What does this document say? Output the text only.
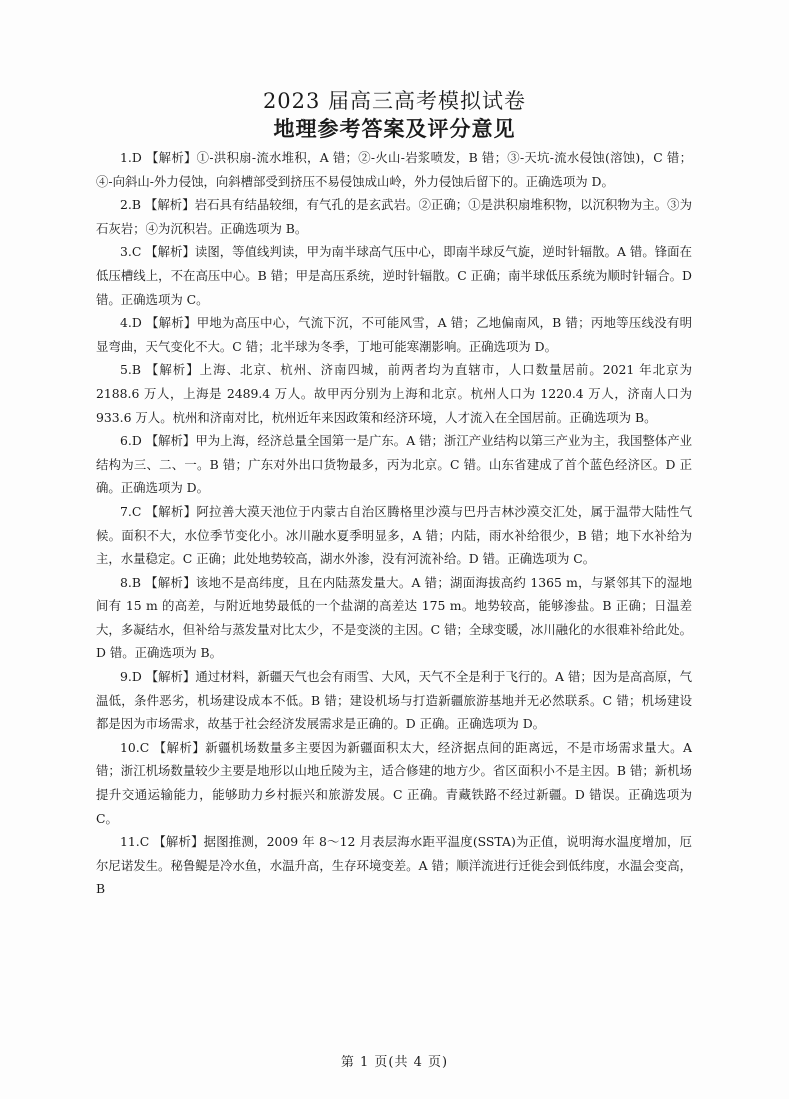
2023 届高三高考模拟试卷
地理参考答案及评分意见

1.D 【解析】①-洪积扇-流水堆积，A 错；②-火山-岩浆喷发，B 错；③-天坑-流水侵蚀(溶蚀)，C 错；④-向斜山-外力侵蚀，向斜槽部受到挤压不易侵蚀成山岭，外力侵蚀后留下的。正确选项为 D。

2.B 【解析】岩石具有结晶较细，有气孔的是玄武岩。②正确；①是洪积扇堆积物，以沉积物为主。③为石灰岩；④为沉积岩。正确选项为 B。

3.C 【解析】读图，等值线判读，甲为南半球高气压中心，即南半球反气旋，逆时针辐散。A 错。锋面在低压槽线上，不在高压中心。B 错；甲是高压系统，逆时针辐散。C 正确；南半球低压系统为顺时针辐合。D 错。正确选项为 C。

4.D 【解析】甲地为高压中心，气流下沉，不可能风雪，A 错；乙地偏南风，B 错；丙地等压线没有明显弯曲，天气变化不大。C 错；北半球为冬季，丁地可能寒潮影响。正确选项为 D。

5.B 【解析】上海、北京、杭州、济南四城，前两者均为直辖市，人口数量居前。2021 年北京为 2188.6 万人，上海是 2489.4 万人。故甲丙分别为上海和北京。杭州人口为 1220.4 万人，济南人口为 933.6 万人。杭州和济南对比，杭州近年来因政策和经济环境，人才流入在全国居前。正确选项为 B。

6.D 【解析】甲为上海，经济总量全国第一是广东。A 错；浙江产业结构以第三产业为主，我国整体产业结构为三、二、一。B 错；广东对外出口货物最多，丙为北京。C 错。山东省建成了首个蓝色经济区。D 正确。正确选项为 D。

7.C 【解析】阿拉善大漠天池位于内蒙古自治区腾格里沙漠与巴丹吉林沙漠交汇处，属于温带大陆性气候。面积不大，水位季节变化小。冰川融水夏季明显多，A 错；内陆，雨水补给很少，B 错；地下水补给为主，水量稳定。C 正确；此处地势较高，湖水外渗，没有河流补给。D 错。正确选项为 C。

8.B 【解析】该地不是高纬度，且在内陆蒸发量大。A 错；湖面海拔高约 1365 m，与紧邻其下的湿地间有 15 m 的高差，与附近地势最低的一个盐湖的高差达 175 m。地势较高，能够渗盐。B 正确；日温差大，多凝结水，但补给与蒸发量对比太少，不是变淡的主因。C 错；全球变暖，冰川融化的水很难补给此处。D 错。正确选项为 B。

9.D 【解析】通过材料，新疆天气也会有雨雪、大风，天气不全是利于飞行的。A 错；因为是高高原，气温低，条件恶劣，机场建设成本不低。B 错；建设机场与打造新疆旅游基地并无必然联系。C 错；机场建设都是因为市场需求，故基于社会经济发展需求是正确的。D 正确。正确选项为 D。

10.C 【解析】新疆机场数量多主要因为新疆面积太大，经济据点间的距离远，不是市场需求量大。A 错；浙江机场数量较少主要是地形以山地丘陵为主，适合修建的地方少。省区面积小不是主因。B 错；新机场提升交通运输能力，能够助力乡村振兴和旅游发展。C 正确。青藏铁路不经过新疆。D 错误。正确选项为 C。

11.C 【解析】据图推测，2009 年 8～12 月表层海水距平温度(SSTA)为正值，说明海水温度增加，厄尔尼诺发生。秘鲁鳀是冷水鱼，水温升高，生存环境变差。A 错；顺洋流进行迁徙会到低纬度，水温会变高，B

第 1 页(共 4 页)
